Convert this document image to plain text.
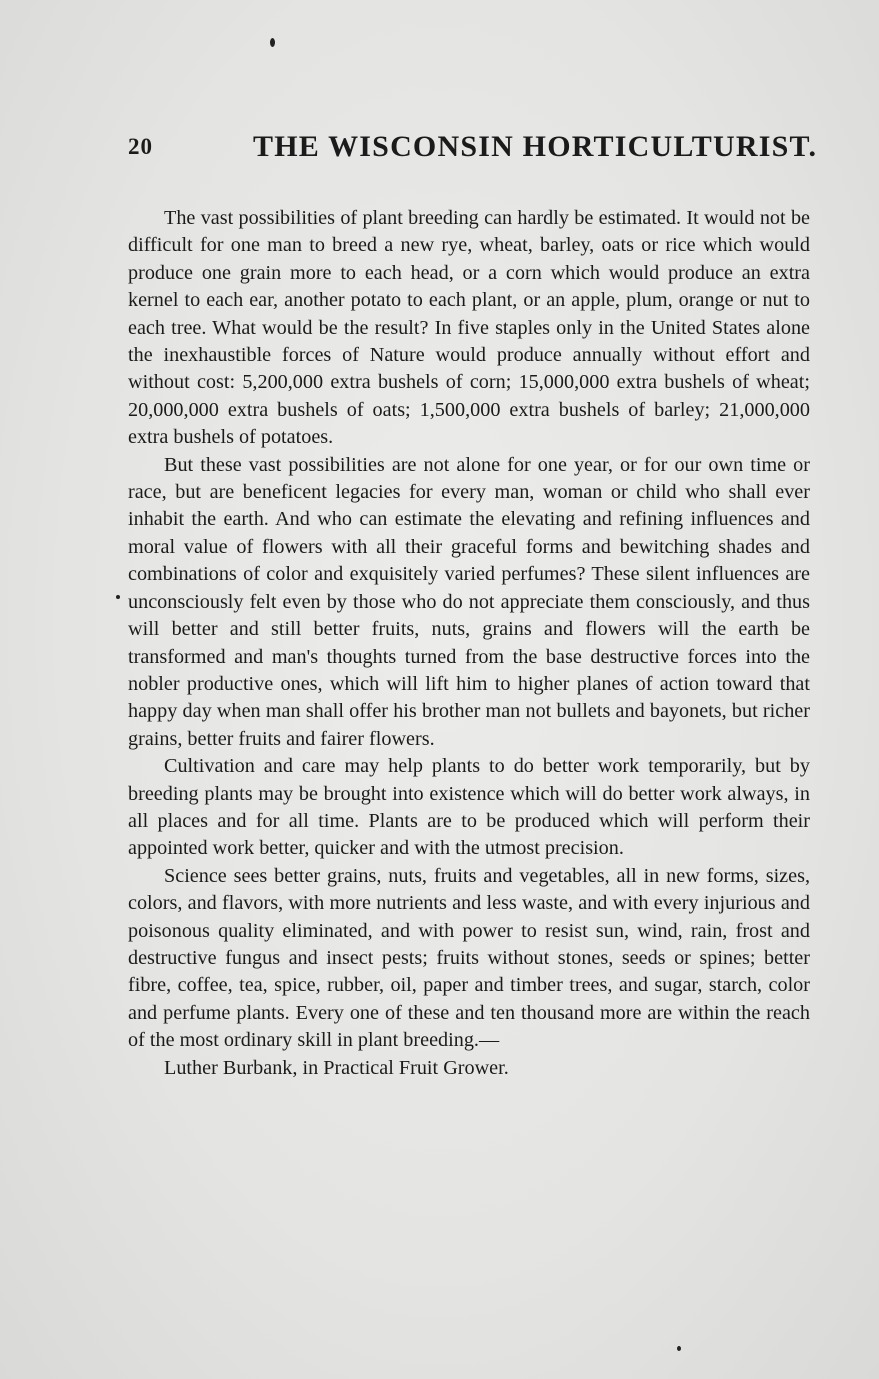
20	THE WISCONSIN HORTICULTURIST.

The vast possibilities of plant breeding can hardly be estimated. It would not be difficult for one man to breed a new rye, wheat, barley, oats or rice which would produce one grain more to each head, or a corn which would produce an extra kernel to each ear, another potato to each plant, or an apple, plum, orange or nut to each tree. What would be the result? In five staples only in the United States alone the inexhaustible forces of Nature would produce annually without effort and without cost: 5,200,000 extra bushels of corn; 15,000,000 extra bushels of wheat; 20,000,000 extra bushels of oats; 1,500,000 extra bushels of barley; 21,000,000 extra bushels of potatoes.

But these vast possibilities are not alone for one year, or for our own time or race, but are beneficent legacies for every man, woman or child who shall ever inhabit the earth. And who can estimate the elevating and refining influences and moral value of flowers with all their graceful forms and bewitching shades and combinations of color and exquisitely varied perfumes? These silent influences are unconsciously felt even by those who do not appreciate them consciously, and thus will better and still better fruits, nuts, grains and flowers will the earth be transformed and man's thoughts turned from the base destructive forces into the nobler productive ones, which will lift him to higher planes of action toward that happy day when man shall offer his brother man not bullets and bayonets, but richer grains, better fruits and fairer flowers.

Cultivation and care may help plants to do better work temporarily, but by breeding plants may be brought into existence which will do better work always, in all places and for all time. Plants are to be produced which will perform their appointed work better, quicker and with the utmost precision.

Science sees better grains, nuts, fruits and vegetables, all in new forms, sizes, colors, and flavors, with more nutrients and less waste, and with every injurious and poisonous quality eliminated, and with power to resist sun, wind, rain, frost and destructive fungus and insect pests; fruits without stones, seeds or spines; better fibre, coffee, tea, spice, rubber, oil, paper and timber trees, and sugar, starch, color and perfume plants. Every one of these and ten thousand more are within the reach of the most ordinary skill in plant breeding.—

Luther Burbank, in Practical Fruit Grower.
